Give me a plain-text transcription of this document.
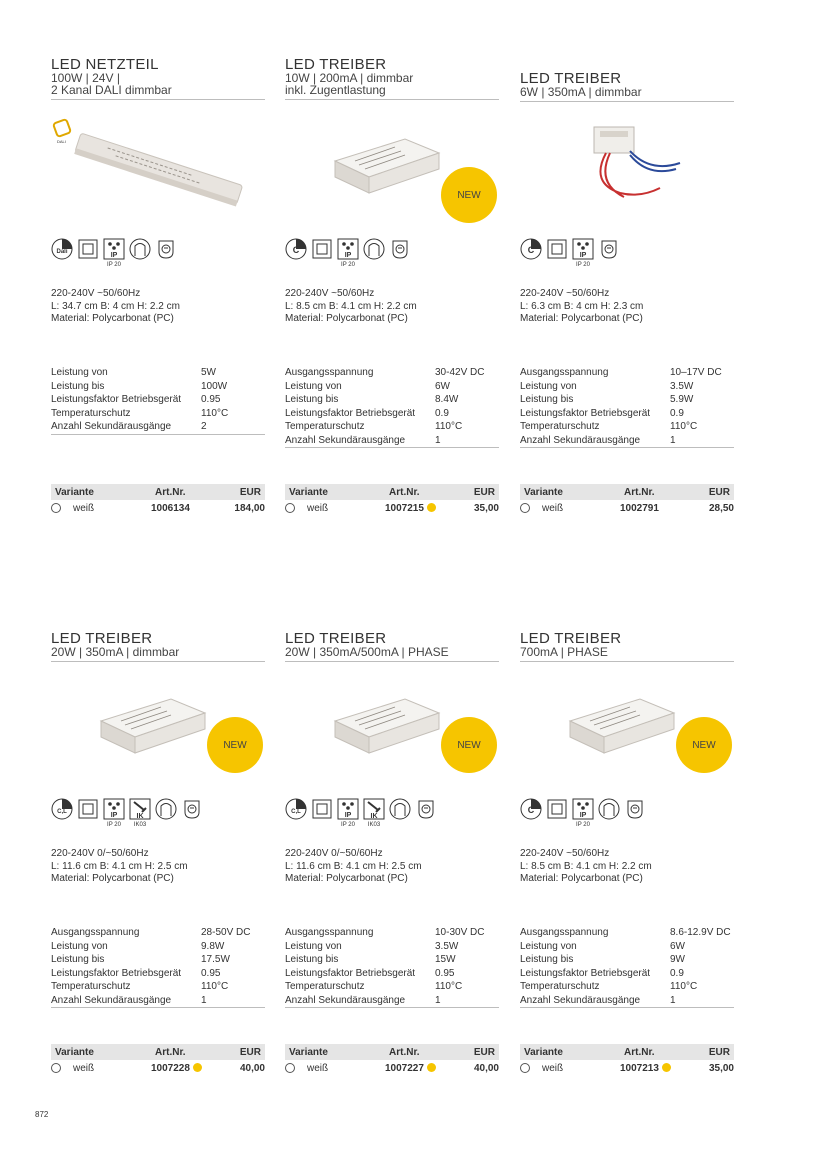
LED NETZTEIL
100W | 24V |
2 Kanal DALI dimmbar
DALI
Dali	IP
IP 20
220-240V ~50/60Hz
L: 34.7 cm B: 4 cm H: 2.2 cm
Material: Polycarbonat (PC)
Leistung von	5W
Leistung bis	100W
Leistungsfaktor Betriebsgerät	0.95
Temperaturschutz	110°C
Anzahl Sekundärausgänge	2
Variante	Art.Nr.	EUR
weiß	1006134	184,00
LED TREIBER
10W | 200mA | dimmbar
inkl. Zugentlastung
NEW
C
IP
IP 20
220-240V ~50/60Hz
L: 8.5 cm B: 4.1 cm H: 2.2 cm
Material: Polycarbonat (PC)
Ausgangsspannung	30-42V DC
Leistung von	6W
Leistung bis	8.4W
Leistungsfaktor Betriebsgerät	0.9
Temperaturschutz	110°C
Anzahl Sekundärausgänge	1
Variante	Art.Nr.	EUR
weiß	1007215	35,00
LED TREIBER
6W | 350mA | dimmbar
C
IP
IP 20
220-240V ~50/60Hz
L: 6.3 cm B: 4 cm H: 2.3 cm
Material: Polycarbonat (PC)
Ausgangsspannung	10–17V DC
Leistung von	3.5W
Leistung bis	5.9W
Leistungsfaktor Betriebsgerät	0.9
Temperaturschutz	110°C
Anzahl Sekundärausgänge	1
Variante	Art.Nr.	EUR
weiß	1002791	28,50
LED TREIBER
20W | 350mA | dimmbar
NEW
C,L	IP
IP 20
IK
IK03
220-240V 0/~50/60Hz
L: 11.6 cm B: 4.1 cm H: 2.5 cm
Material: Polycarbonat (PC)
Ausgangsspannung	28-50V DC
Leistung von	9.8W
Leistung bis	17.5W
Leistungsfaktor Betriebsgerät	0.95
Temperaturschutz	110°C
Anzahl Sekundärausgänge	1
Variante	Art.Nr.	EUR
weiß	1007228	40,00
LED TREIBER
20W | 350mA/500mA | PHASE
NEW
C,L	IP
IP 20
IK
IK03
220-240V 0/~50/60Hz
L: 11.6 cm B: 4.1 cm H: 2.5 cm
Material: Polycarbonat (PC)
Ausgangsspannung	10-30V DC
Leistung von	3.5W
Leistung bis	15W
Leistungsfaktor Betriebsgerät	0.95
Temperaturschutz	110°C
Anzahl Sekundärausgänge	1
Variante	Art.Nr.	EUR
weiß	1007227	40,00
LED TREIBER
700mA | PHASE
NEW
C
IP
IP 20
220-240V ~50/60Hz
L: 8.5 cm B: 4.1 cm H: 2.2 cm
Material: Polycarbonat (PC)
Ausgangsspannung	8.6-12.9V DC
Leistung von	6W
Leistung bis	9W
Leistungsfaktor Betriebsgerät	0.9
Temperaturschutz	110°C
Anzahl Sekundärausgänge	1
Variante	Art.Nr.	EUR
weiß	1007213	35,00
872
